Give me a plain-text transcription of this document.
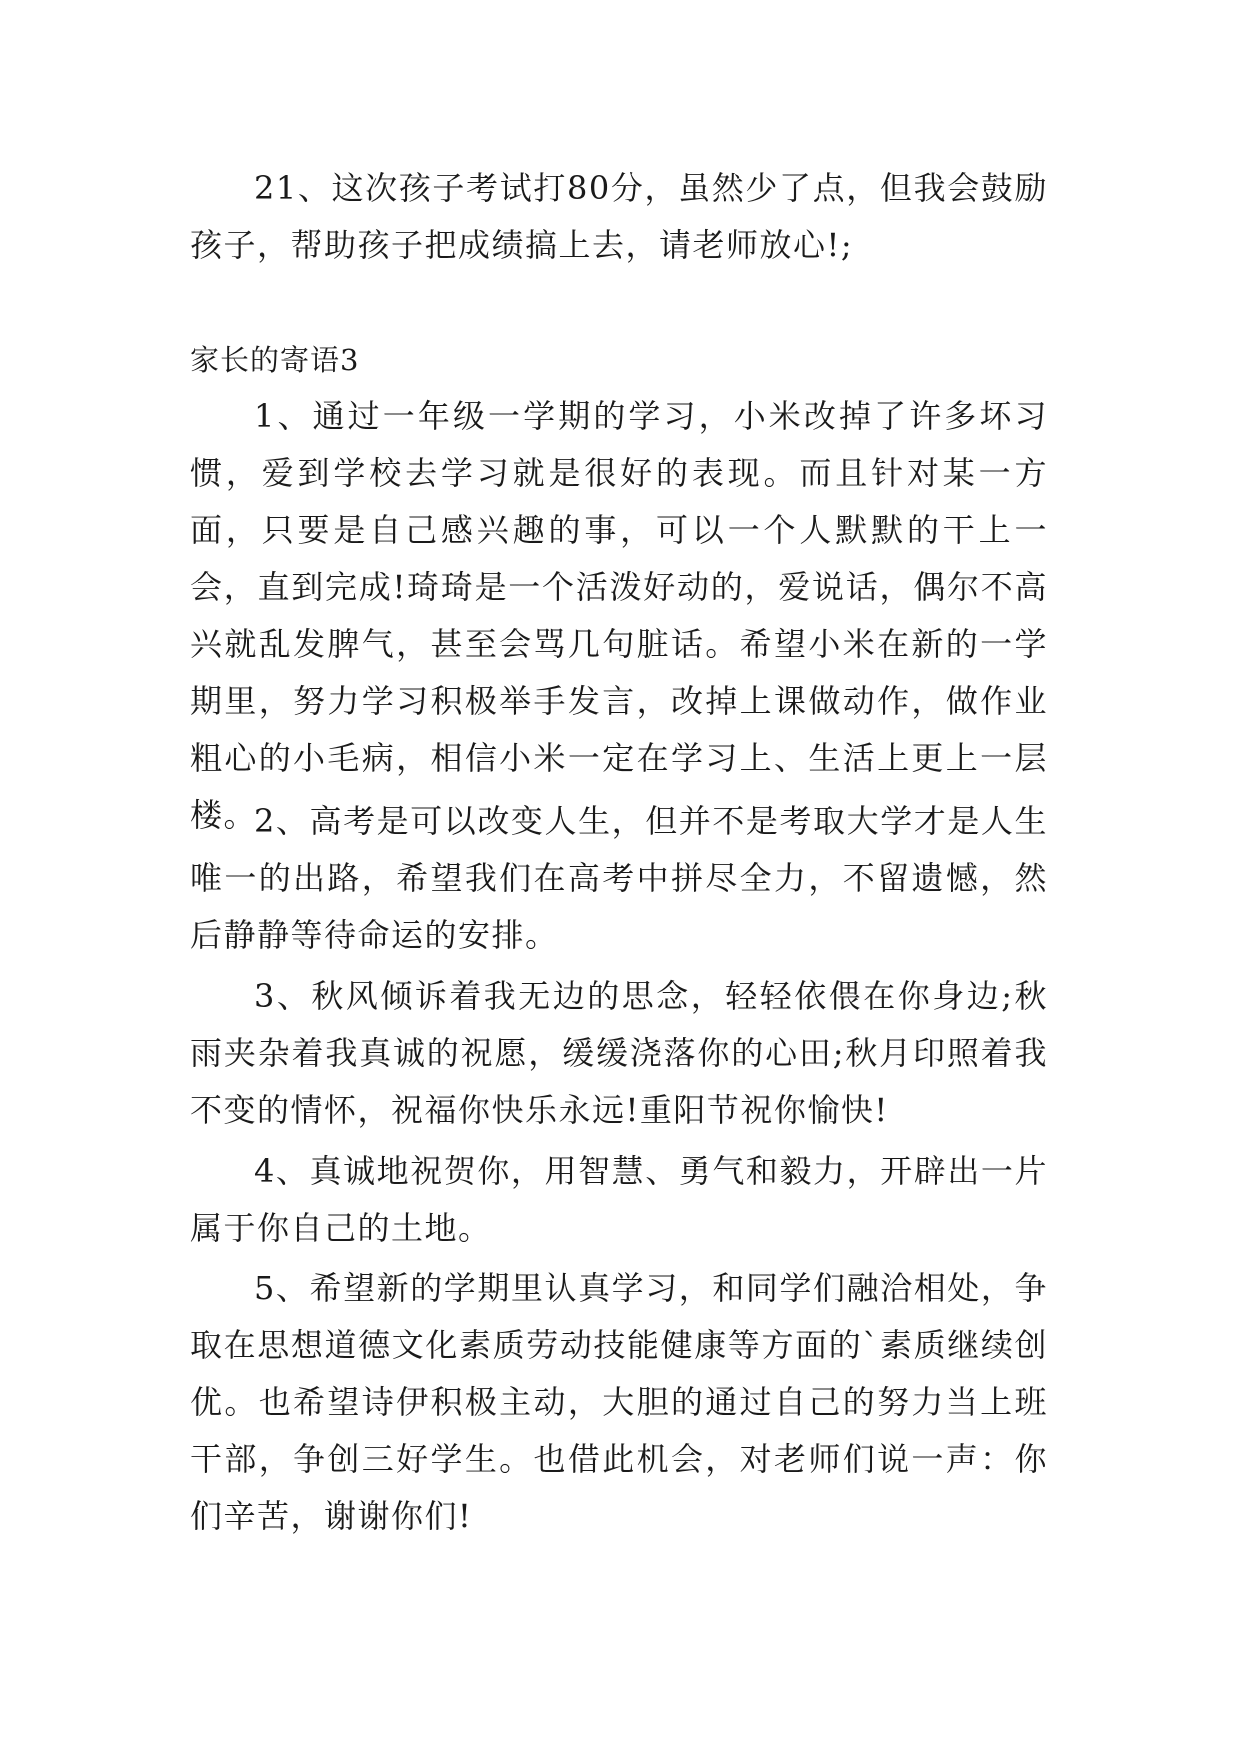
21、这次孩子考试打80分，虽然少了点，但我会鼓励孩子，帮助孩子把成绩搞上去，请老师放心!;

家长的寄语3

1、通过一年级一学期的学习，小米改掉了许多坏习惯，爱到学校去学习就是很好的表现。而且针对某一方面，只要是自己感兴趣的事，可以一个人默默的干上一会，直到完成!琦琦是一个活泼好动的，爱说话，偶尔不高兴就乱发脾气，甚至会骂几句脏话。希望小米在新的一学期里，努力学习积极举手发言，改掉上课做动作，做作业粗心的小毛病，相信小米一定在学习上、生活上更上一层楼。

2、高考是可以改变人生，但并不是考取大学才是人生唯一的出路，希望我们在高考中拼尽全力，不留遗憾，然后静静等待命运的安排。

3、秋风倾诉着我无边的思念，轻轻依偎在你身边;秋雨夹杂着我真诚的祝愿，缓缓浇落你的心田;秋月印照着我不变的情怀，祝福你快乐永远!重阳节祝你愉快!

4、真诚地祝贺你，用智慧、勇气和毅力，开辟出一片属于你自己的土地。

5、希望新的学期里认真学习，和同学们融洽相处，争取在思想道德文化素质劳动技能健康等方面的`素质继续创优。也希望诗伊积极主动，大胆的通过自己的努力当上班干部，争创三好学生。也借此机会，对老师们说一声：你们辛苦，谢谢你们!
